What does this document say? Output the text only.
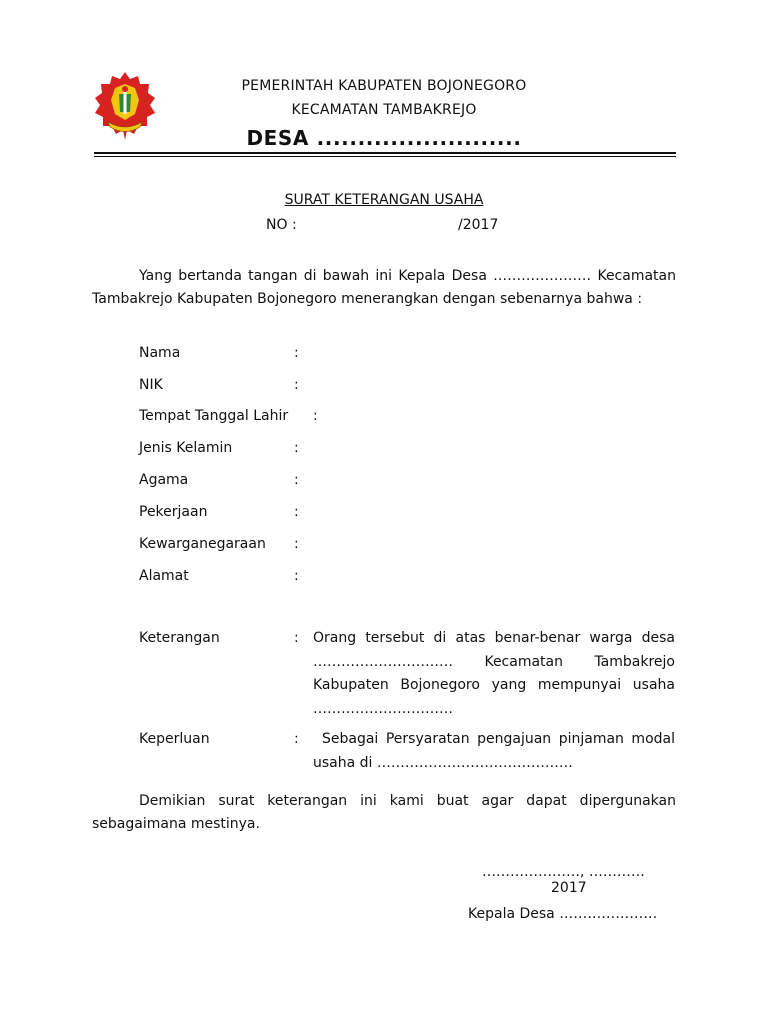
PEMERINTAH KABUPATEN BOJONEGORO
KECAMATAN TAMBAKREJO
DESA .........................
SURAT KETERANGAN USAHA
NO :	/2017
Yang bertanda tangan di bawah ini Kepala Desa ………………… Kecamatan Tambakrejo Kabupaten Bojonegoro menerangkan dengan sebenarnya bahwa :
Nama	:
NIK	:
Tempat Tanggal Lahir :
Jenis Kelamin	:
Agama	:
Pekerjaan	:
Kewarganegaraan :
Alamat	:
Keterangan	: Orang tersebut di atas benar-benar warga desa ………………………… Kecamatan Tambakrejo Kabupaten Bojonegoro yang mempunyai usaha …………………………
Keperluan	:	Sebagai Persyaratan pengajuan pinjaman modal usaha di ……………………………………
Demikian surat keterangan ini kami buat agar dapat dipergunakan sebagaimana mestinya.
…………………, …………
2017
Kepala Desa …………………
